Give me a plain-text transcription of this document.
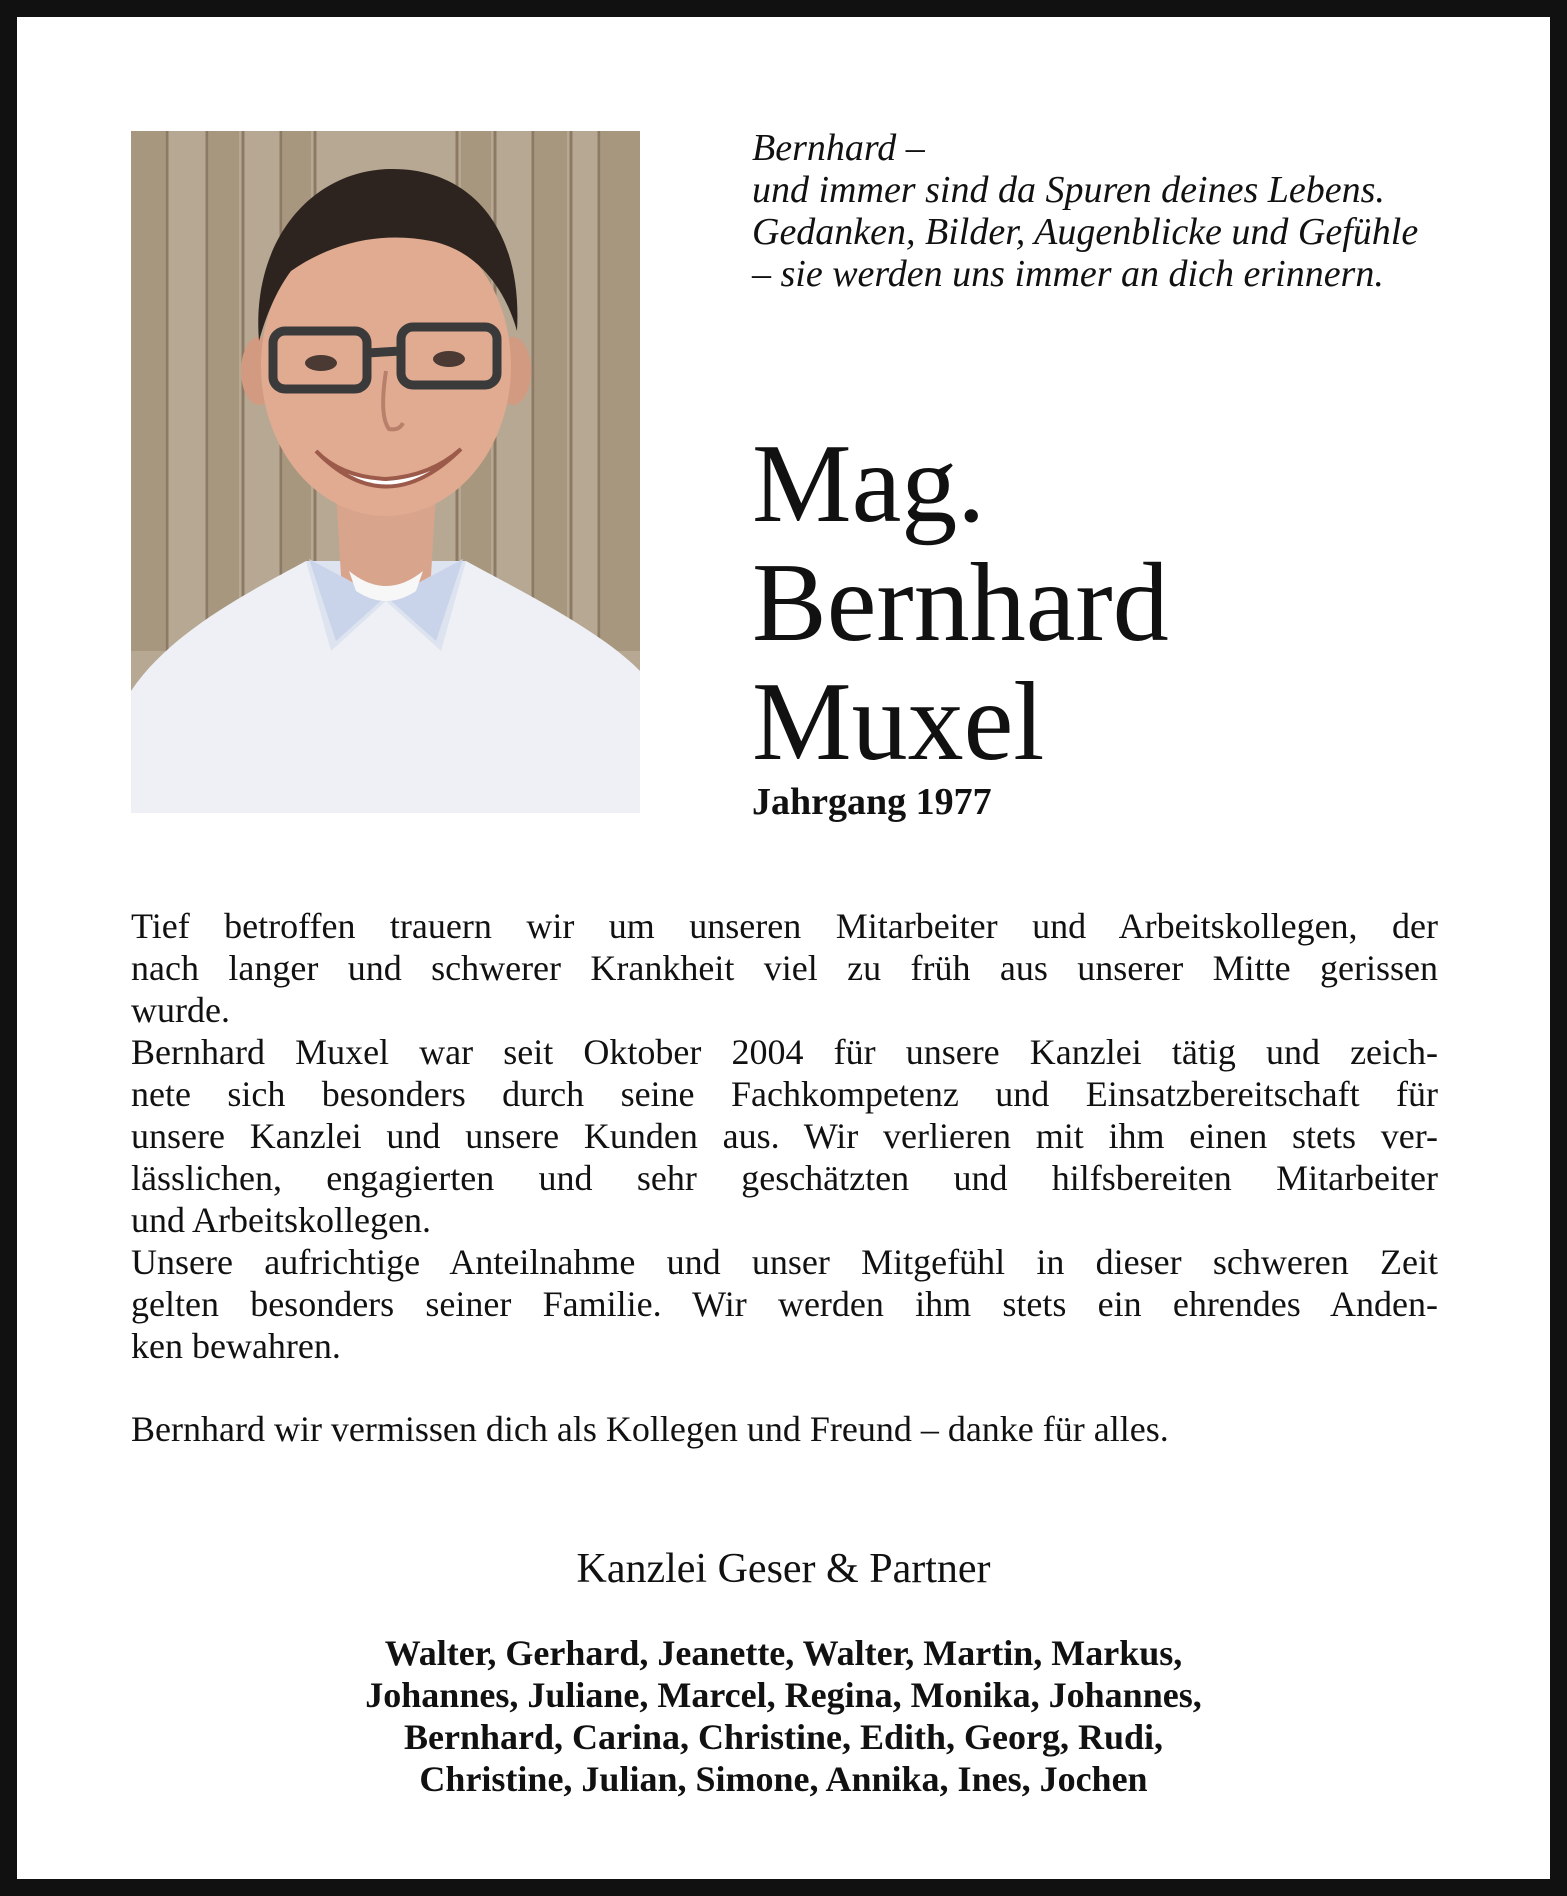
Bernhard –
und immer sind da Spuren deines Lebens.
Gedanken, Bilder, Augenblicke und Gefühle
– sie werden uns immer an dich erinnern.
Mag.
Bernhard
Muxel
Jahrgang 1977
Tief betroffen trauern wir um unseren Mitarbeiter und Arbeitskollegen, der
nach langer und schwerer Krankheit viel zu früh aus unserer Mitte gerissen
wurde.
Bernhard Muxel war seit Oktober 2004 für unsere Kanzlei tätig und zeich-
nete sich besonders durch seine Fachkompetenz und Einsatzbereitschaft für
unsere Kanzlei und unsere Kunden aus. Wir verlieren mit ihm einen stets ver-
lässlichen, engagierten und sehr geschätzten und hilfsbereiten Mitarbeiter
und Arbeitskollegen.
Unsere aufrichtige Anteilnahme und unser Mitgefühl in dieser schweren Zeit
gelten besonders seiner Familie. Wir werden ihm stets ein ehrendes Anden-
ken bewahren.
Bernhard wir vermissen dich als Kollegen und Freund – danke für alles.
Kanzlei Geser & Partner
Walter, Gerhard, Jeanette, Walter, Martin, Markus,
Johannes, Juliane, Marcel, Regina, Monika, Johannes,
Bernhard, Carina, Christine, Edith, Georg, Rudi,
Christine, Julian, Simone, Annika, Ines, Jochen
